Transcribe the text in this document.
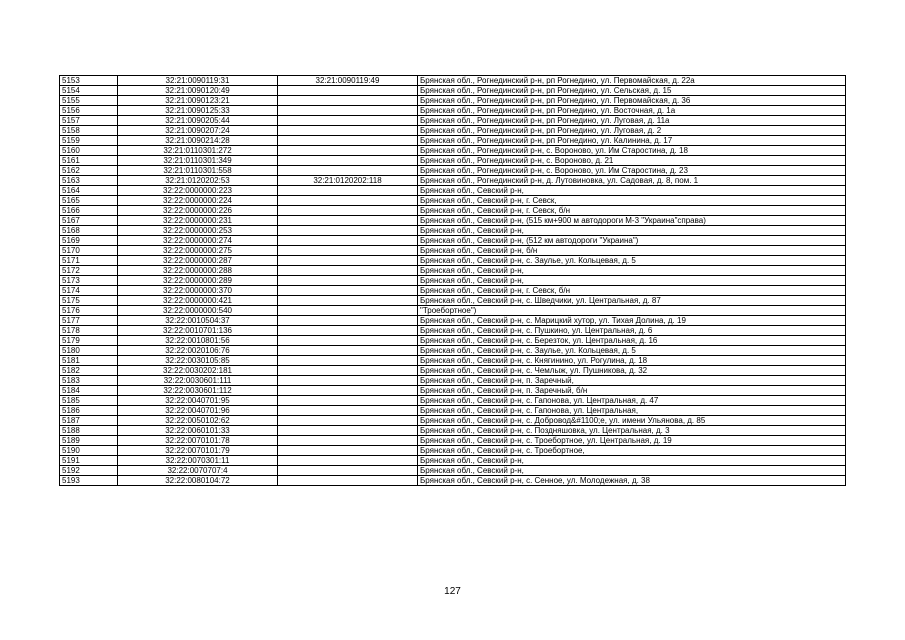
5153	32:21:0090119:31	32:21:0090119:49	Брянская обл., Рогнединский р-н, рп Рогнедино, ул. Первомайская, д. 22а
5154	32:21:0090120:49		Брянская обл., Рогнединский р-н, рп Рогнедино, ул. Сельская, д. 15
5155	32:21:0090123:21		Брянская обл., Рогнединский р-н, рп Рогнедино, ул. Первомайская, д. 36
5156	32:21:0090125:33		Брянская обл., Рогнединский р-н, рп Рогнедино, ул. Восточная, д. 1а
5157	32:21:0090205:44		Брянская обл., Рогнединский р-н, рп Рогнедино, ул. Луговая, д. 11а
5158	32:21:0090207:24		Брянская обл., Рогнединский р-н, рп Рогнедино, ул. Луговая, д. 2
5159	32:21:0090214:28		Брянская обл., Рогнединский р-н, рп Рогнедино, ул. Калинина, д. 17
5160	32:21:0110301:272		Брянская обл., Рогнединский р-н, с. Вороново, ул. Им Старостина, д. 18
5161	32:21:0110301:349		Брянская обл., Рогнединский р-н, с. Вороново, д. 21
5162	32:21:0110301:558		Брянская обл., Рогнединский р-н, с. Вороново, ул. Им Старостина, д. 23
5163	32:21:0120202:53	32:21:0120202:118	Брянская обл., Рогнединский р-н, д. Лутовиновка, ул. Садовая, д. 8, пом. 1
5164	32:22:0000000:223		Брянская обл., Севский р-н,
5165	32:22:0000000:224		Брянская обл., Севский р-н, г. Севск,
5166	32:22:0000000:226		Брянская обл., Севский р-н, г. Севск, б/н
5167	32:22:0000000:231		Брянская обл., Севский р-н, (515 км+900 м автодороги М-3 "Украина"справа)
5168	32:22:0000000:253		Брянская обл., Севский р-н,
5169	32:22:0000000:274		Брянская обл., Севский р-н, (512 км автодороги "Украина")
5170	32:22:0000000:275		Брянская обл., Севский р-н, б/н
5171	32:22:0000000:287		Брянская обл., Севский р-н, с. Заулье, ул. Кольцевая, д. 5
5172	32:22:0000000:288		Брянская обл., Севский р-н,
5173	32:22:0000000:289		Брянская обл., Севский р-н,
5174	32:22:0000000:370		Брянская обл., Севский р-н, г. Севск, б/н
5175	32:22:0000000:421		Брянская обл., Севский р-н, с. Шведчики, ул. Центральная, д. 87
5176	32:22:0000000:540		"Троебортное")
5177	32:22:0010504:37		Брянская обл., Севский р-н, с. Марицкий хутор, ул. Тихая Долина, д. 19
5178	32:22:0010701:136		Брянская обл., Севский р-н, с. Пушкино, ул. Центральная, д. 6
5179	32:22:0010801:56		Брянская обл., Севский р-н, с. Березток, ул. Центральная, д. 16
5180	32:22:0020106:76		Брянская обл., Севский р-н, с. Заулье, ул. Кольцевая, д. 5
5181	32:22:0030105:85		Брянская обл., Севский р-н, с. Княгинино, ул. Рогулина, д. 18
5182	32:22:0030202:181		Брянская обл., Севский р-н, с. Чемлыж, ул. Пушникова, д. 32
5183	32:22:0030601:111		Брянская обл., Севский р-н, п. Заречный,
5184	32:22:0030601:112		Брянская обл., Севский р-н, п. Заречный, б/н
5185	32:22:0040701:95		Брянская обл., Севский р-н, с. Гапонова, ул. Центральная, д. 47
5186	32:22:0040701:96		Брянская обл., Севский р-н, с. Гапонова, ул. Центральная,
5187	32:22:0050102:62		Брянская обл., Севский р-н, с. Добровод&#1100;е, ул. имени Ульянова, д. 85
5188	32:22:0060101:33		Брянская обл., Севский р-н, с. Поздняшовка, ул. Центральная, д. 3
5189	32:22:0070101:78		Брянская обл., Севский р-н, с. Троебортное, ул. Центральная, д. 19
5190	32:22:0070101:79		Брянская обл., Севский р-н, с. Троебортное,
5191	32:22:0070301:11		Брянская обл., Севский р-н,
5192	32:22:0070707:4		Брянская обл., Севский р-н,
5193	32:22:0080104:72		Брянская обл., Севский р-н, с. Сенное, ул. Молодежная, д. 38
127
